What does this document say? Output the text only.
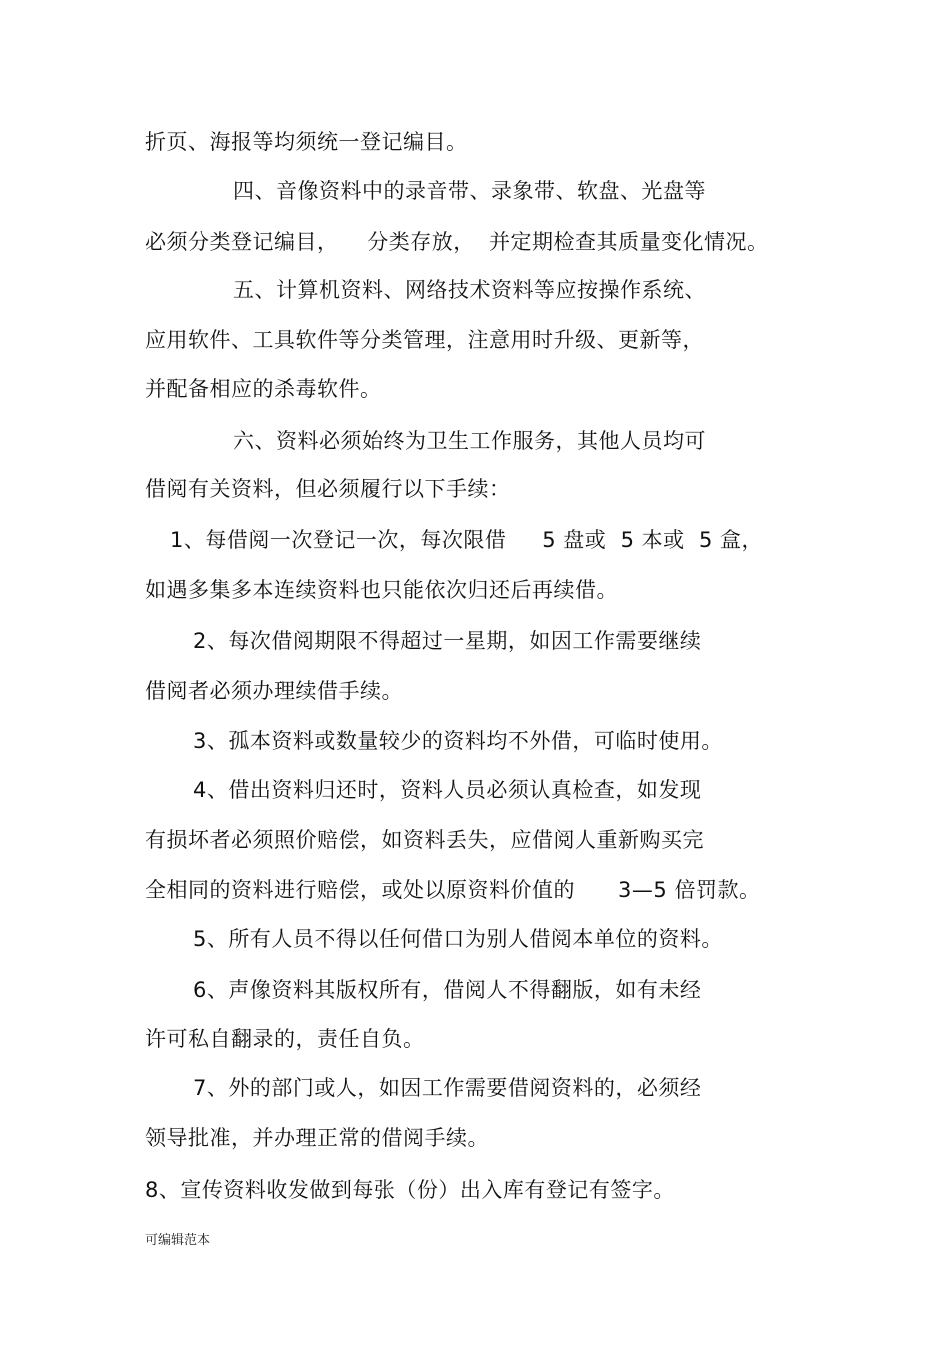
折页、海报等均须统一登记编目。
四、音像资料中的录音带、录象带、软盘、光盘等
必须分类登记编目，    分类存放，  并定期检查其质量变化情况。
五、计算机资料、网络技术资料等应按操作系统、
应用软件、工具软件等分类管理，注意用时升级、更新等，
并配备相应的杀毒软件。
六、资料必须始终为卫生工作服务，其他人员均可
借阅有关资料，但必须履行以下手续：
1、每借阅一次登记一次，每次限借     5 盘或  5 本或  5 盒，
如遇多集多本连续资料也只能依次归还后再续借。
2、每次借阅期限不得超过一星期，如因工作需要继续
借阅者必须办理续借手续。
3、孤本资料或数量较少的资料均不外借，可临时使用。
4、借出资料归还时，资料人员必须认真检查，如发现
有损坏者必须照价赔偿，如资料丢失，应借阅人重新购买完
全相同的资料进行赔偿，或处以原资料价值的      3—5 倍罚款。
5、所有人员不得以任何借口为别人借阅本单位的资料。
6、声像资料其版权所有，借阅人不得翻版，如有未经
许可私自翻录的，责任自负。
7、外的部门或人，如因工作需要借阅资料的，必须经
领导批准，并办理正常的借阅手续。
8、宣传资料收发做到每张（份）出入库有登记有签字。
可编辑范本
